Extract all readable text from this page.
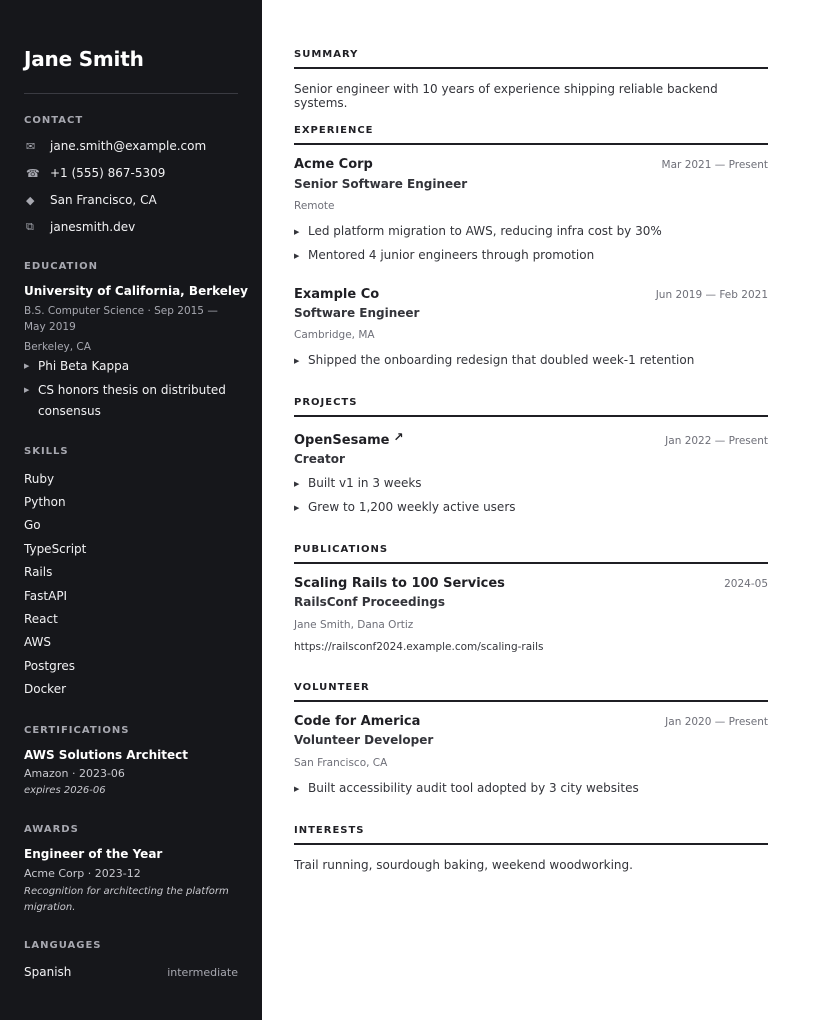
Jane Smith
CONTACT
✉	jane.smith@example.com
☎ +1 (555) 867-5309
◆	San Francisco, CA
⧉	janesmith.dev
EDUCATION
University of California, Berkeley
B.S. Computer Science · Sep 2015 — May 2019
Berkeley, CA
▶ Phi Beta Kappa
▶ CS honors thesis on distributed consensus
SKILLS
Ruby
Python
Go
TypeScript
Rails
FastAPI
React
AWS
Postgres
Docker
CERTIFICATIONS
AWS Solutions Architect
Amazon · 2023-06
expires 2026-06
AWARDS
Engineer of the Year
Acme Corp · 2023-12
Recognition for architecting the platform migration.
LANGUAGES
Spanish	intermediate
SUMMARY
Senior engineer with 10 years of experience shipping reliable backend systems.
EXPERIENCE
Acme Corp	Mar 2021 — Present
Senior Software Engineer
Remote
▶ Led platform migration to AWS, reducing infra cost by 30%
▶ Mentored 4 junior engineers through promotion
Example Co	Jun 2019 — Feb 2021
Software Engineer
Cambridge, MA
▶ Shipped the onboarding redesign that doubled week-1 retention
PROJECTS
OpenSesame ↗	Jan 2022 — Present
Creator
▶ Built v1 in 3 weeks
▶ Grew to 1,200 weekly active users
PUBLICATIONS
Scaling Rails to 100 Services	2024-05
RailsConf Proceedings
Jane Smith, Dana Ortiz
https://railsconf2024.example.com/scaling-rails
VOLUNTEER
Code for America	Jan 2020 — Present
Volunteer Developer
San Francisco, CA
▶ Built accessibility audit tool adopted by 3 city websites
INTERESTS
Trail running, sourdough baking, weekend woodworking.
